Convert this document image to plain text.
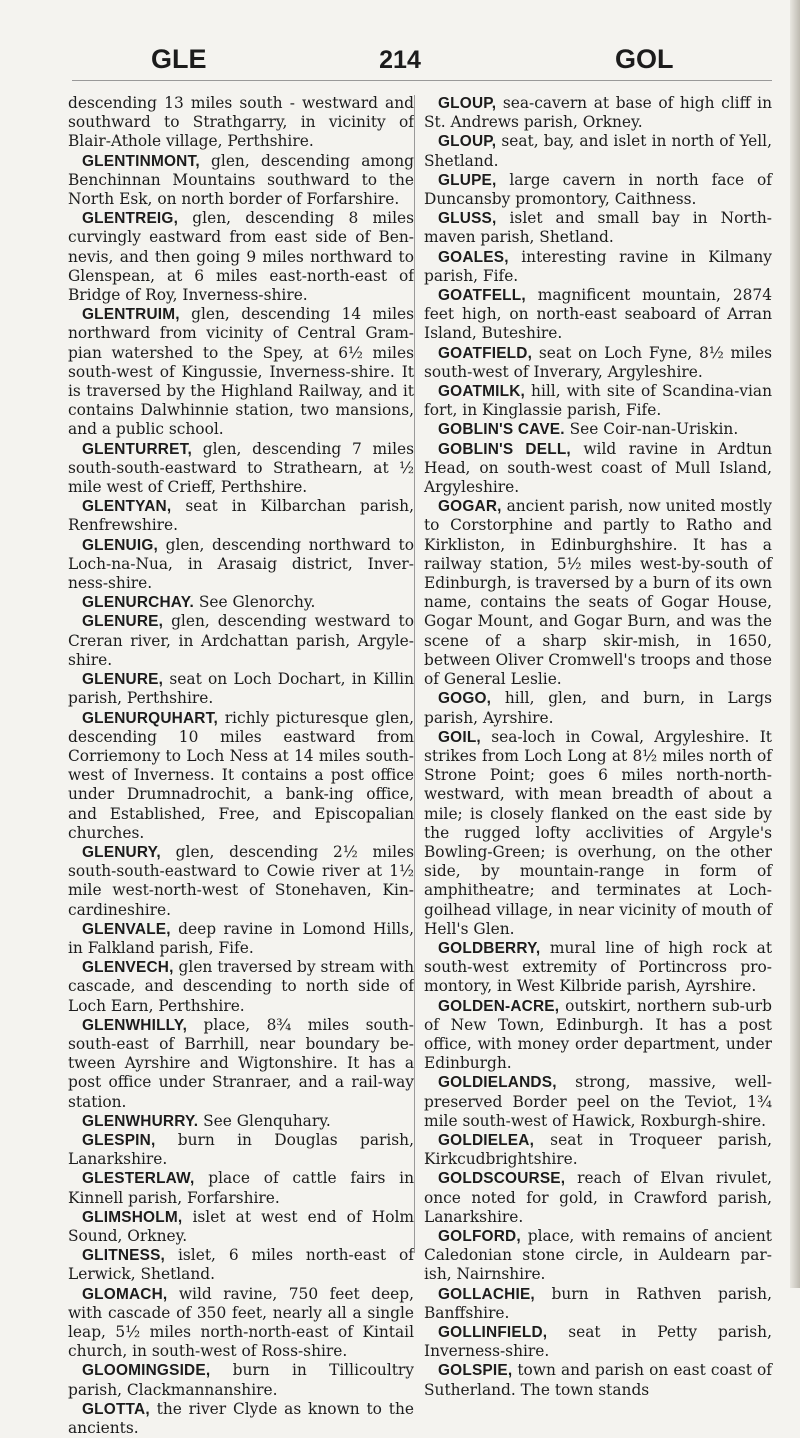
GLE	214	GOL

descending 13 miles south - westward and southward to Strathgarry, in vicinity of Blair-Athole village, Perthshire.

GLENTINMONT, glen, descending among Benchinnan Mountains southward to the North Esk, on north border of Forfarshire.

GLENTREIG, glen, descending 8 miles curvingly eastward from east side of Ben-nevis, and then going 9 miles northward to Glenspean, at 6 miles east-north-east of Bridge of Roy, Inverness-shire.

GLENTRUIM, glen, descending 14 miles northward from vicinity of Central Gram-pian watershed to the Spey, at 6½ miles south-west of Kingussie, Inverness-shire. It is traversed by the Highland Railway, and it contains Dalwhinnie station, two mansions, and a public school.

GLENTURRET, glen, descending 7 miles south-south-eastward to Strathearn, at ½ mile west of Crieff, Perthshire.

GLENTYAN, seat in Kilbarchan parish, Renfrewshire.

GLENUIG, glen, descending northward to Loch-na-Nua, in Arasaig district, Inver-ness-shire.

GLENURCHAY. See Glenorchy.

GLENURE, glen, descending westward to Creran river, in Ardchattan parish, Argyle-shire.

GLENURE, seat on Loch Dochart, in Killin parish, Perthshire.

GLENURQUHART, richly picturesque glen, descending 10 miles eastward from Corriemony to Loch Ness at 14 miles south-west of Inverness. It contains a post office under Drumnadrochit, a bank-ing office, and Established, Free, and Episcopalian churches.

GLENURY, glen, descending 2½ miles south-south-eastward to Cowie river at 1½ mile west-north-west of Stonehaven, Kin-cardineshire.

GLENVALE, deep ravine in Lomond Hills, in Falkland parish, Fife.

GLENVECH, glen traversed by stream with cascade, and descending to north side of Loch Earn, Perthshire.

GLENWHILLY, place, 8¾ miles south-south-east of Barrhill, near boundary be-tween Ayrshire and Wigtonshire. It has a post office under Stranraer, and a rail-way station.

GLENWHURRY. See Glenquhary.

GLESPIN, burn in Douglas parish, Lanarkshire.

GLESTERLAW, place of cattle fairs in Kinnell parish, Forfarshire.

GLIMSHOLM, islet at west end of Holm Sound, Orkney.

GLITNESS, islet, 6 miles north-east of Lerwick, Shetland.

GLOMACH, wild ravine, 750 feet deep, with cascade of 350 feet, nearly all a single leap, 5½ miles north-north-east of Kintail church, in south-west of Ross-shire.

GLOOMINGSIDE, burn in Tillicoultry parish, Clackmannanshire.

GLOTTA, the river Clyde as known to the ancients.

GLOUP, sea-cavern at base of high cliff in St. Andrews parish, Orkney.

GLOUP, seat, bay, and islet in north of Yell, Shetland.

GLUPE, large cavern in north face of Duncansby promontory, Caithness.

GLUSS, islet and small bay in North-maven parish, Shetland.

GOALES, interesting ravine in Kilmany parish, Fife.

GOATFELL, magnificent mountain, 2874 feet high, on north-east seaboard of Arran Island, Buteshire.

GOATFIELD, seat on Loch Fyne, 8½ miles south-west of Inverary, Argyleshire.

GOATMILK, hill, with site of Scandina-vian fort, in Kinglassie parish, Fife.

GOBLIN'S CAVE. See Coir-nan-Uriskin.

GOBLIN'S DELL, wild ravine in Ardtun Head, on south-west coast of Mull Island, Argyleshire.

GOGAR, ancient parish, now united mostly to Corstorphine and partly to Ratho and Kirkliston, in Edinburghshire. It has a railway station, 5½ miles west-by-south of Edinburgh, is traversed by a burn of its own name, contains the seats of Gogar House, Gogar Mount, and Gogar Burn, and was the scene of a sharp skir-mish, in 1650, between Oliver Cromwell's troops and those of General Leslie.

GOGO, hill, glen, and burn, in Largs parish, Ayrshire.

GOIL, sea-loch in Cowal, Argyleshire. It strikes from Loch Long at 8½ miles north of Strone Point; goes 6 miles north-north-westward, with mean breadth of about a mile; is closely flanked on the east side by the rugged lofty acclivities of Argyle's Bowling-Green; is overhung, on the other side, by mountain-range in form of amphitheatre; and terminates at Loch-goilhead village, in near vicinity of mouth of Hell's Glen.

GOLDBERRY, mural line of high rock at south-west extremity of Portincross pro-montory, in West Kilbride parish, Ayrshire.

GOLDEN-ACRE, outskirt, northern sub-urb of New Town, Edinburgh. It has a post office, with money order department, under Edinburgh.

GOLDIELANDS, strong, massive, well-preserved Border peel on the Teviot, 1¾ mile south-west of Hawick, Roxburgh-shire.

GOLDIELEA, seat in Troqueer parish, Kirkcudbrightshire.

GOLDSCOURSE, reach of Elvan rivulet, once noted for gold, in Crawford parish, Lanarkshire.

GOLFORD, place, with remains of ancient Caledonian stone circle, in Auldearn par-ish, Nairnshire.

GOLLACHIE, burn in Rathven parish, Banffshire.

GOLLINFIELD, seat in Petty parish, Inverness-shire.

GOLSPIE, town and parish on east coast of Sutherland. The town stands
